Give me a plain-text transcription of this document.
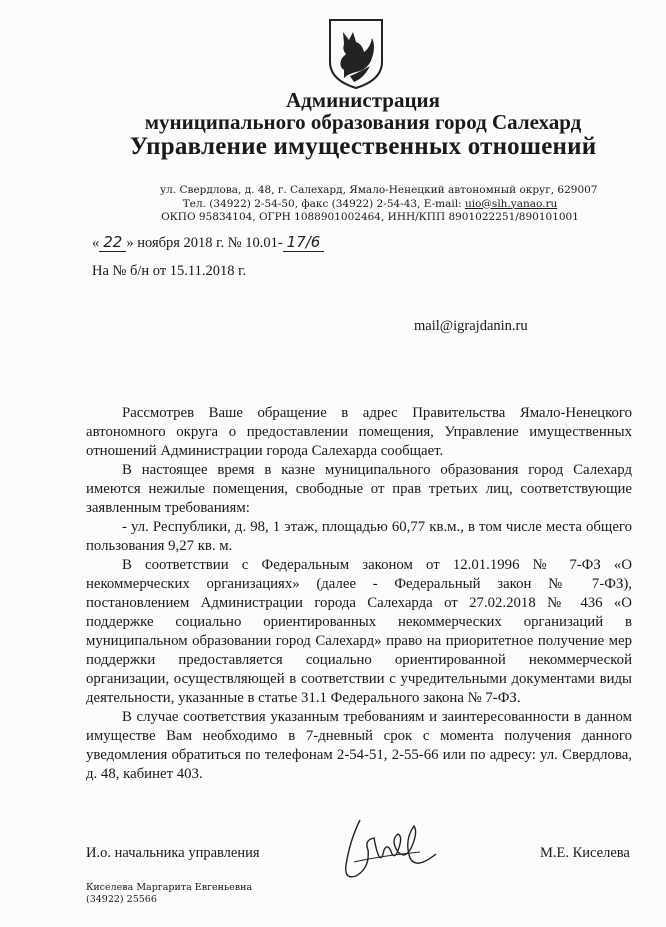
Администрация
муниципального образования город Салехард
Управление имущественных отношений
ул. Свердлова, д. 48, г. Салехард, Ямало-Ненецкий автономный округ, 629007
Тел. (34922) 2-54-50, факс (34922) 2-54-43, E-mail: uio@slh.yanao.ru
ОКПО 95834104, ОГРН 1088901002464, ИНН/КПП 8901022251/890101001
« 22 » ноября 2018 г. № 10.01- 17/6
На № б/н от 15.11.2018 г.
mail@igrajdanin.ru

Рассмотрев Ваше обращение в адрес Правительства Ямало-Ненецкого автономного округа о предоставлении помещения, Управление имущественных отношений Администрации города Салехарда сообщает.

В настоящее время в казне муниципального образования город Салехард имеются нежилые помещения, свободные от прав третьих лиц, соответствующие заявленным требованиям:

- ул. Республики, д. 98, 1 этаж, площадью 60,77 кв.м., в том числе места общего пользования 9,27 кв. м.

В соответствии с Федеральным законом от 12.01.1996 № 7-ФЗ «О некоммерческих организациях» (далее - Федеральный закон № 7-ФЗ), постановлением Администрации города Салехарда от 27.02.2018 № 436 «О поддержке социально ориентированных некоммерческих организаций в муниципальном образовании город Салехард» право на приоритетное получение мер поддержки предоставляется социально ориентированной некоммерческой организации, осуществляющей в соответствии с учредительными документами виды деятельности, указанные в статье 31.1 Федерального закона № 7-ФЗ.

В случае соответствия указанным требованиям и заинтересованности в данном имуществе Вам необходимо в 7-дневный срок с момента получения данного уведомления обратиться по телефонам 2-54-51, 2-55-66 или по адресу: ул. Свердлова, д. 48, кабинет 403.

И.о. начальника управления	М.Е. Киселева
Киселева Маргарита Евгеньевна
(34922) 25566
